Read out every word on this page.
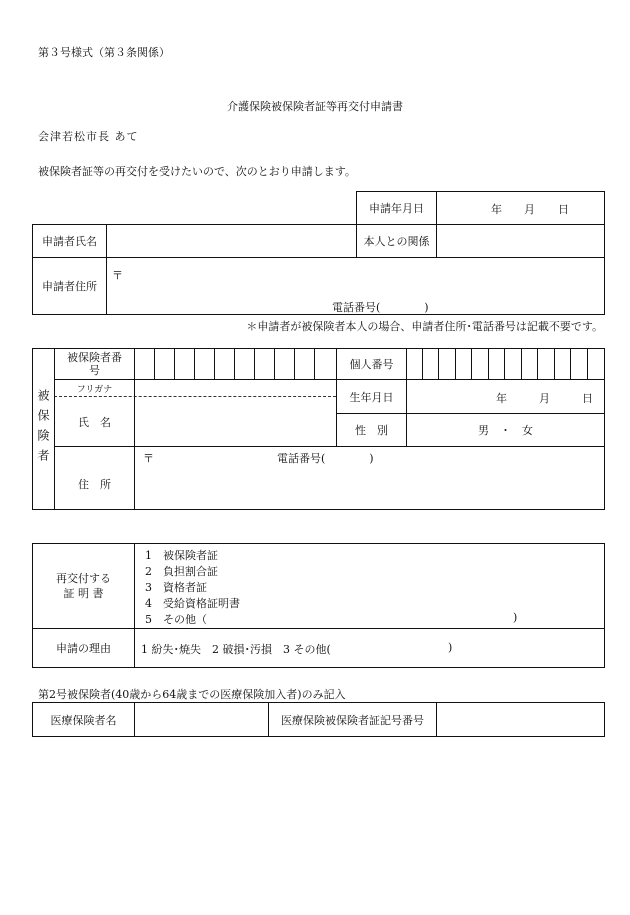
第３号様式（第３条関係）
介護保険被保険者証等再交付申請書
会津若松市長 あて
被保険者証等の再交付を受けたいので、次のとおり申請します。
申請年月日	年 月 日
申請者氏名	本人との関係
申請者住所
〒
電話番号(　　　　)
＊申請者が被保険者本人の場合、申請者住所･電話番号は記載不要です。
被保険者
被保険者番号	個人番号
フリガナ
氏　名
生年月日	年	月	日
性　別	男　・　女
住　所
〒	電話番号(　　　　)
再交付する
証 明 書
1　被保険者証
2　負担割合証
3　資格者証
4　受給資格証明書
5　その他（	)
申請の理由	1 紛失･焼失　2 破損･汚損　3 その他(	)
第2号被保険者(40歳から64歳までの医療保険加入者)のみ記入
医療保険者名	医療保険被保険者証記号番号
